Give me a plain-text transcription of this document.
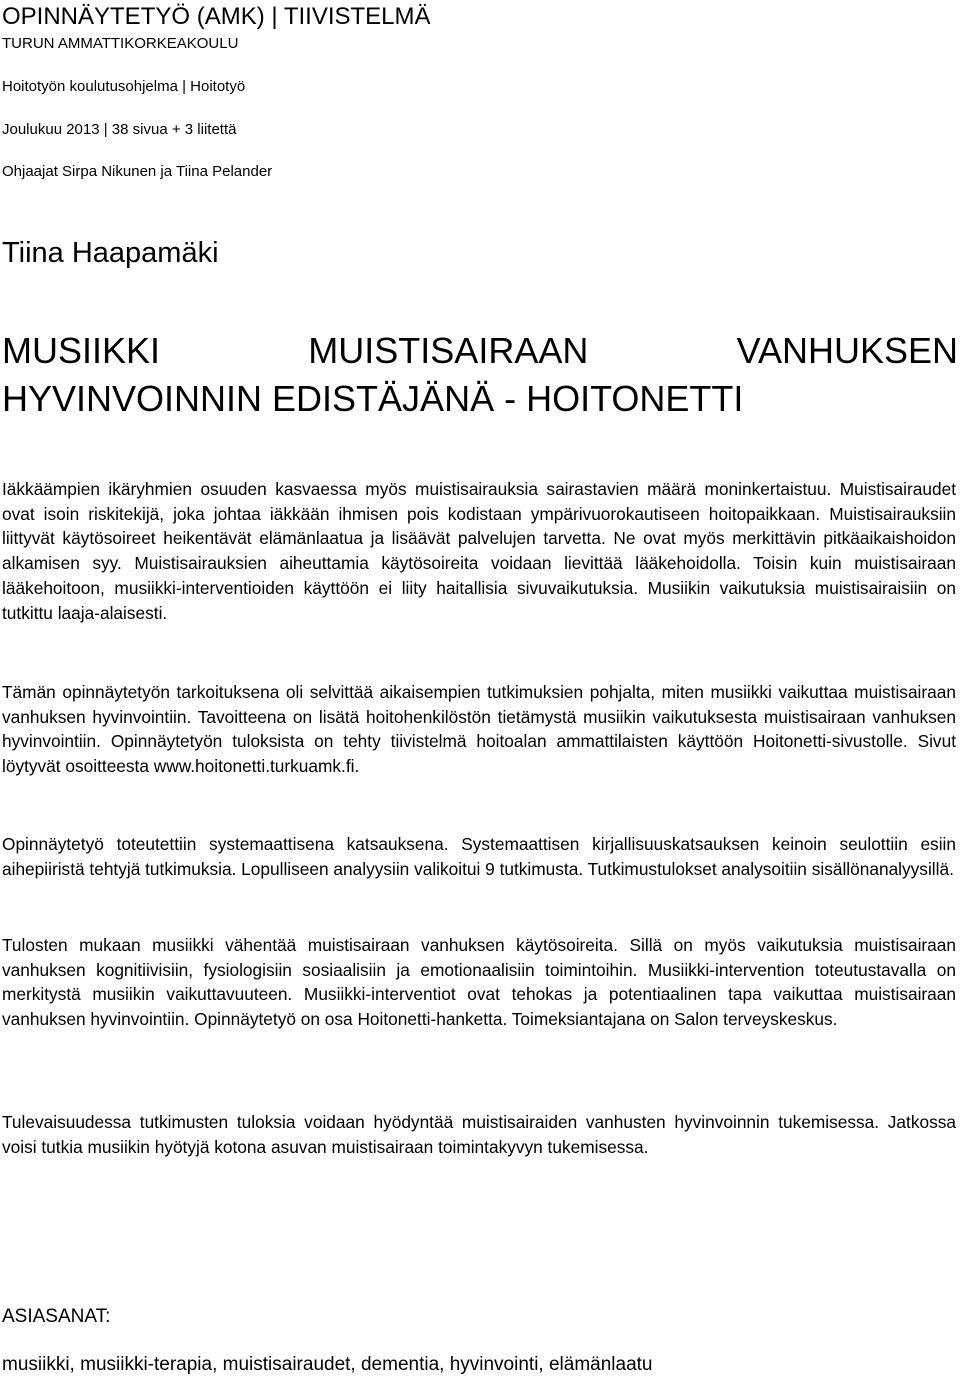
OPINNÄYTETYÖ (AMK) | TIIVISTELMÄ
TURUN AMMATTIKORKEAKOULU
Hoitotyön koulutusohjelma | Hoitotyö
Joulukuu 2013 | 38 sivua + 3 liitettä
Ohjaajat Sirpa Nikunen ja Tiina Pelander
Tiina Haapamäki
MUSIIKKI MUISTISAIRAAN VANHUKSEN
HYVINVOINNIN EDISTÄJÄNÄ - HOITONETTI

Iäkkäämpien ikäryhmien osuuden kasvaessa myös muistisairauksia sairastavien määrä moninkertaistuu. Muistisairaudet ovat isoin riskitekijä, joka johtaa iäkkään ihmisen pois kodistaan ympärivuorokautiseen hoitopaikkaan. Muistisairauksiin liittyvät käytösoireet heikentävät elämänlaatua ja lisäävät palvelujen tarvetta. Ne ovat myös merkittävin pitkäaikaishoidon alkamisen syy. Muistisairauksien aiheuttamia käytösoireita voidaan lievittää lääkehoidolla. Toisin kuin muistisairaan lääkehoitoon, musiikki-interventioiden käyttöön ei liity haitallisia sivuvaikutuksia. Musiikin vaikutuksia muistisairaisiin on tutkittu laaja-alaisesti.

Tämän opinnäytetyön tarkoituksena oli selvittää aikaisempien tutkimuksien pohjalta, miten musiikki vaikuttaa muistisairaan vanhuksen hyvinvointiin. Tavoitteena on lisätä hoitohenkilöstön tietämystä musiikin vaikutuksesta muistisairaan vanhuksen hyvinvointiin. Opinnäytetyön tuloksista on tehty tiivistelmä hoitoalan ammattilaisten käyttöön Hoitonetti-sivustolle. Sivut löytyvät osoitteesta www.hoitonetti.turkuamk.fi.

Opinnäytetyö toteutettiin systemaattisena katsauksena. Systemaattisen kirjallisuuskatsauksen keinoin seulottiin esiin aihepiiristä tehtyjä tutkimuksia. Lopulliseen analyysiin valikoitui 9 tutkimusta. Tutkimustulokset analysoitiin sisällönanalyysillä.

Tulosten mukaan musiikki vähentää muistisairaan vanhuksen käytösoireita. Sillä on myös vaikutuksia muistisairaan vanhuksen kognitiivisiin, fysiologisiin sosiaalisiin ja emotionaalisiin toimintoihin. Musiikki-intervention toteutustavalla on merkitystä musiikin vaikuttavuuteen. Musiikki-interventiot ovat tehokas ja potentiaalinen tapa vaikuttaa muistisairaan vanhuksen hyvinvointiin. Opinnäytetyö on osa Hoitonetti-hanketta. Toimeksiantajana on Salon terveyskeskus.

Tulevaisuudessa tutkimusten tuloksia voidaan hyödyntää muistisairaiden vanhusten hyvinvoinnin tukemisessa. Jatkossa voisi tutkia musiikin hyötyjä kotona asuvan muistisairaan toimintakyvyn tukemisessa.

ASIASANAT:
musiikki, musiikki-terapia, muistisairaudet, dementia, hyvinvointi, elämänlaatu
